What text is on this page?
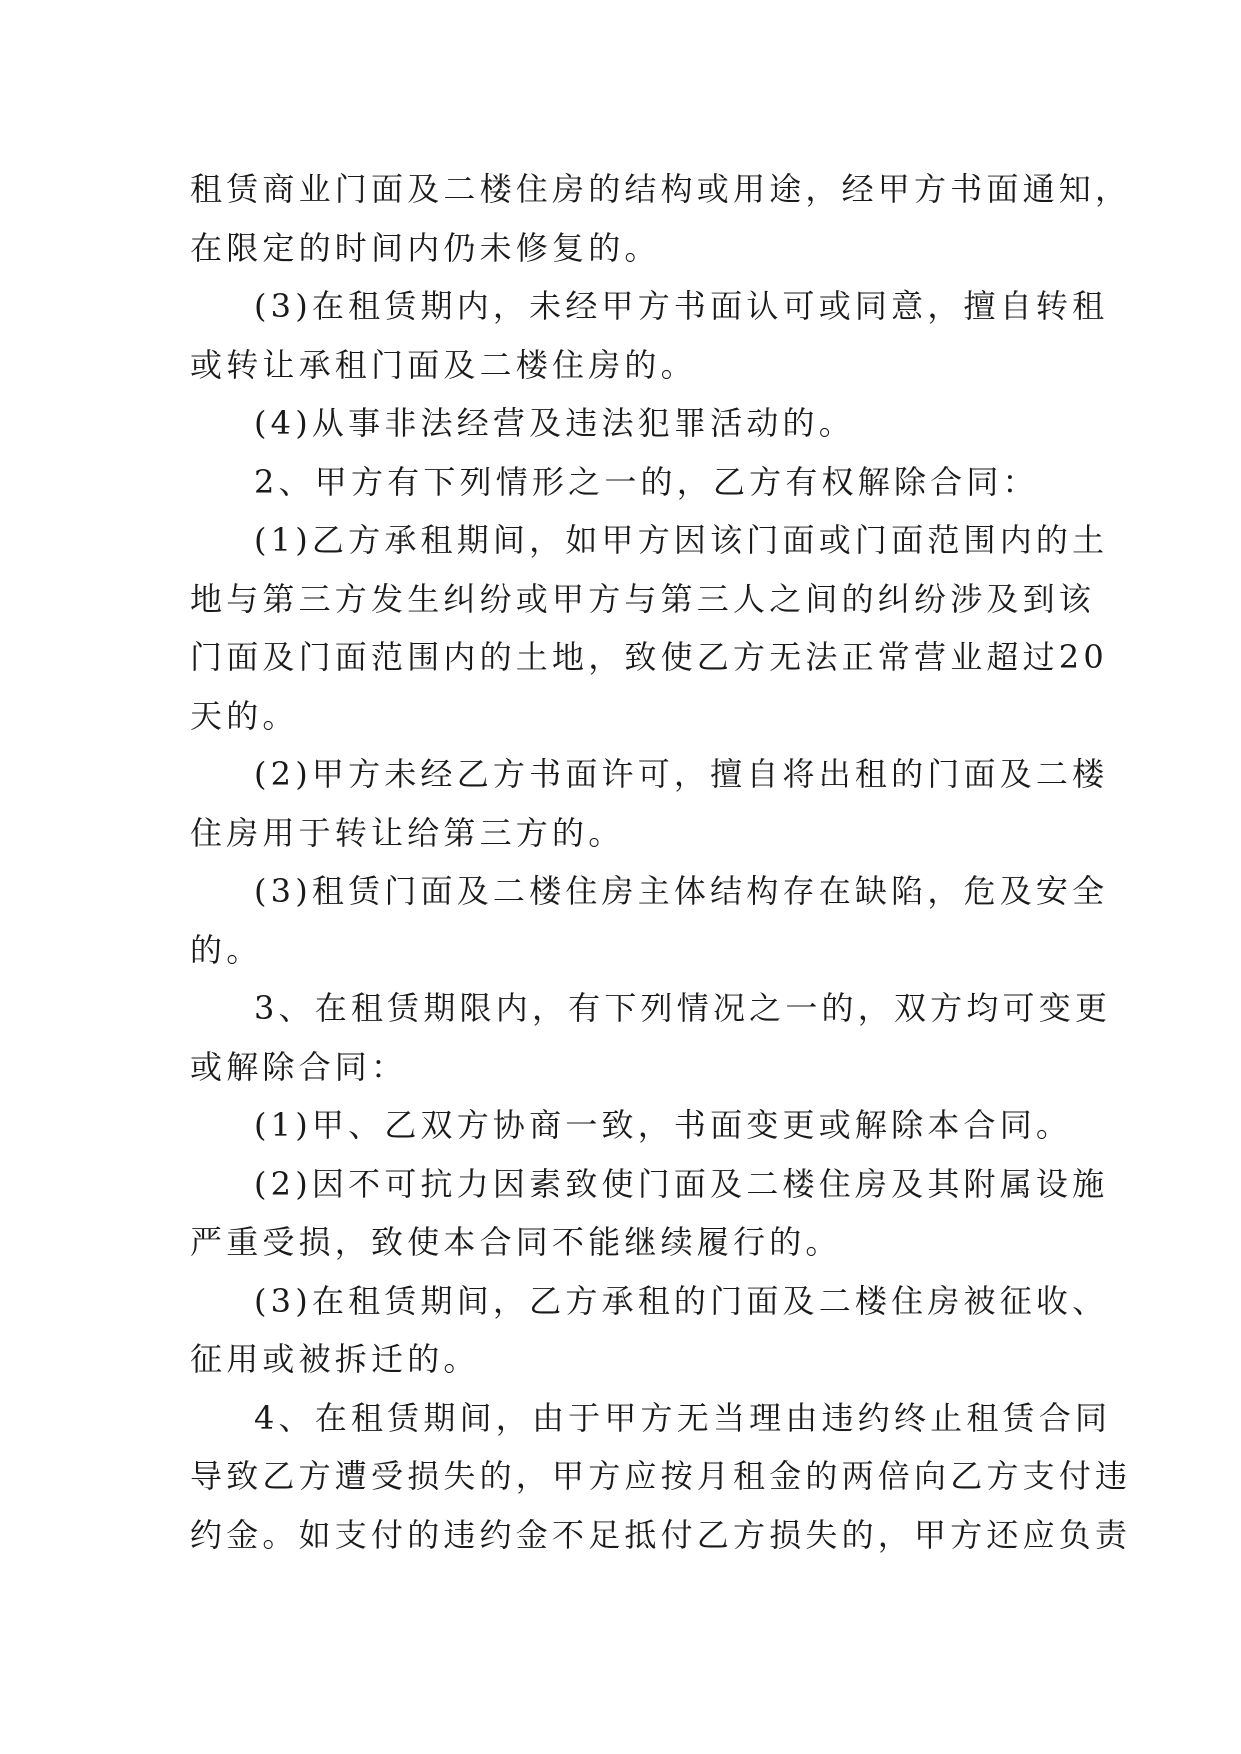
租赁商业门面及二楼住房的结构或用途，经甲方书面通知，
在限定的时间内仍未修复的。
(3)在租赁期内，未经甲方书面认可或同意，擅自转租
或转让承租门面及二楼住房的。
(4)从事非法经营及违法犯罪活动的。
2、甲方有下列情形之一的，乙方有权解除合同：
(1)乙方承租期间，如甲方因该门面或门面范围内的土
地与第三方发生纠纷或甲方与第三人之间的纠纷涉及到该
门面及门面范围内的土地，致使乙方无法正常营业超过20
天的。
(2)甲方未经乙方书面许可，擅自将出租的门面及二楼
住房用于转让给第三方的。
(3)租赁门面及二楼住房主体结构存在缺陷，危及安全
的。
3、在租赁期限内，有下列情况之一的，双方均可变更
或解除合同：
(1)甲、乙双方协商一致，书面变更或解除本合同。
(2)因不可抗力因素致使门面及二楼住房及其附属设施
严重受损，致使本合同不能继续履行的。
(3)在租赁期间，乙方承租的门面及二楼住房被征收、
征用或被拆迁的。
4、在租赁期间，由于甲方无当理由违约终止租赁合同
导致乙方遭受损失的，甲方应按月租金的两倍向乙方支付违
约金。如支付的违约金不足抵付乙方损失的，甲方还应负责
